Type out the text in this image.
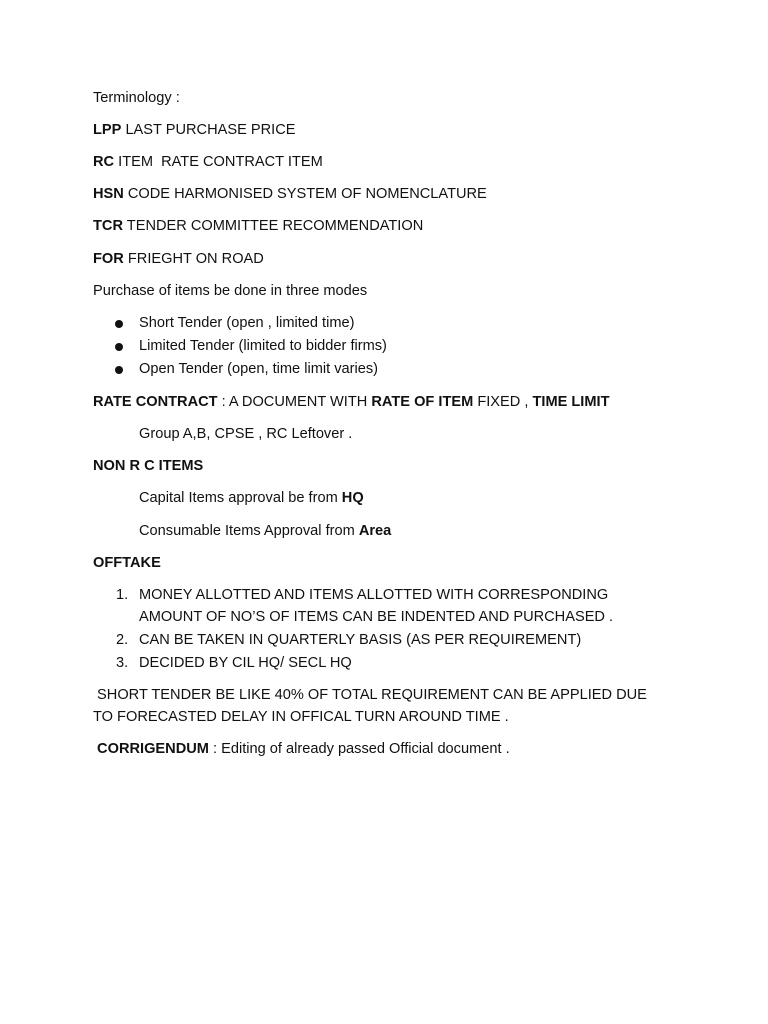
Terminology :
LPP LAST PURCHASE PRICE
RC ITEM  RATE CONTRACT ITEM
HSN CODE HARMONISED SYSTEM OF NOMENCLATURE
TCR TENDER COMMITTEE RECOMMENDATION
FOR FRIEGHT ON ROAD
Purchase of items be done in three modes
Short Tender (open , limited time)
Limited Tender (limited to bidder firms)
Open Tender (open, time limit varies)
RATE CONTRACT : A DOCUMENT WITH RATE OF ITEM FIXED , TIME LIMIT
Group A,B, CPSE , RC Leftover .
NON R C ITEMS
Capital Items approval be from HQ
Consumable Items Approval from Area
OFFTAKE
1. MONEY ALLOTTED AND ITEMS ALLOTTED WITH CORRESPONDING
AMOUNT OF NO’S OF ITEMS CAN BE INDENTED AND PURCHASED .
2. CAN BE TAKEN IN QUARTERLY BASIS (AS PER REQUIREMENT)
3. DECIDED BY CIL HQ/ SECL HQ
SHORT TENDER BE LIKE 40% OF TOTAL REQUIREMENT CAN BE APPLIED DUE
TO FORECASTED DELAY IN OFFICAL TURN AROUND TIME .
CORRIGENDUM : Editing of already passed Official document .
